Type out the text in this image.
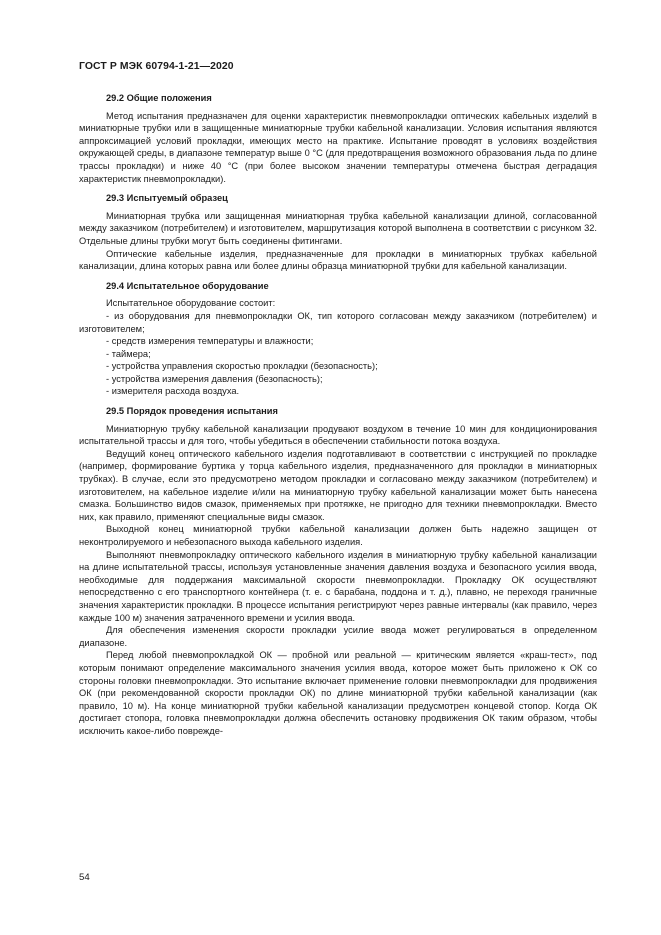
ГОСТ Р МЭК 60794-1-21—2020
29.2 Общие положения

Метод испытания предназначен для оценки характеристик пневмопрокладки оптических кабельных изделий в миниатюрные трубки или в защищенные миниатюрные трубки кабельной канализации. Условия испытания являются аппроксимацией условий прокладки, имеющих место на практике. Испытание проводят в условиях воздействия окружающей среды, в диапазоне температур выше 0 °С (для предотвращения возможного образования льда по длине трассы прокладки) и ниже 40 °С (при более высоком значении температуры отмечена быстрая деградация характеристик пневмопрокладки).

29.3 Испытуемый образец

Миниатюрная трубка или защищенная миниатюрная трубка кабельной канализации длиной, согласованной между заказчиком (потребителем) и изготовителем, маршрутизация которой выполнена в соответствии с рисунком 32. Отдельные длины трубки могут быть соединены фитингами.

Оптические кабельные изделия, предназначенные для прокладки в миниатюрных трубках кабельной канализации, длина которых равна или более длины образца миниатюрной трубки для кабельной канализации.

29.4 Испытательное оборудование

Испытательное оборудование состоит:

- из оборудования для пневмопрокладки ОК, тип которого согласован между заказчиком (потребителем) и изготовителем;

- средств измерения температуры и влажности;

- таймера;

- устройства управления скоростью прокладки (безопасность);

- устройства измерения давления (безопасность);

- измерителя расхода воздуха.

29.5 Порядок проведения испытания

Миниатюрную трубку кабельной канализации продувают воздухом в течение 10 мин для кондиционирования испытательной трассы и для того, чтобы убедиться в обеспечении стабильности потока воздуха.

Ведущий конец оптического кабельного изделия подготавливают в соответствии с инструкцией по прокладке (например, формирование буртика у торца кабельного изделия, предназначенного для прокладки в миниатюрных трубках). В случае, если это предусмотрено методом прокладки и согласовано между заказчиком (потребителем) и изготовителем, на кабельное изделие и/или на миниатюрную трубку кабельной канализации может быть нанесена смазка. Большинство видов смазок, применяемых при протяжке, не пригодно для техники пневмопрокладки. Вместо них, как правило, применяют специальные виды смазок.

Выходной конец миниатюрной трубки кабельной канализации должен быть надежно защищен от неконтролируемого и небезопасного выхода кабельного изделия.

Выполняют пневмопрокладку оптического кабельного изделия в миниатюрную трубку кабельной канализации на длине испытательной трассы, используя установленные значения давления воздуха и безопасного усилия ввода, необходимые для поддержания максимальной скорости пневмопрокладки. Прокладку ОК осуществляют непосредственно с его транспортного контейнера (т. е. с барабана, поддона и т. д.), плавно, не переходя граничные значения характеристик прокладки. В процессе испытания регистрируют через равные интервалы (как правило, через каждые 100 м) значения затраченного времени и усилия ввода.

Для обеспечения изменения скорости прокладки усилие ввода может регулироваться в определенном диапазоне.

Перед любой пневмопрокладкой ОК — пробной или реальной — критическим является «краш-тест», под которым понимают определение максимального значения усилия ввода, которое может быть приложено к ОК со стороны головки пневмопрокладки. Это испытание включает применение головки пневмопрокладки для продвижения ОК (при рекомендованной скорости прокладки ОК) по длине миниатюрной трубки кабельной канализации (как правило, 10 м). На конце миниатюрной трубки кабельной канализации предусмотрен концевой стопор. Когда ОК достигает стопора, головка пневмопрокладки должна обеспечить остановку продвижения ОК таким образом, чтобы исключить какое-либо поврежде-

54
